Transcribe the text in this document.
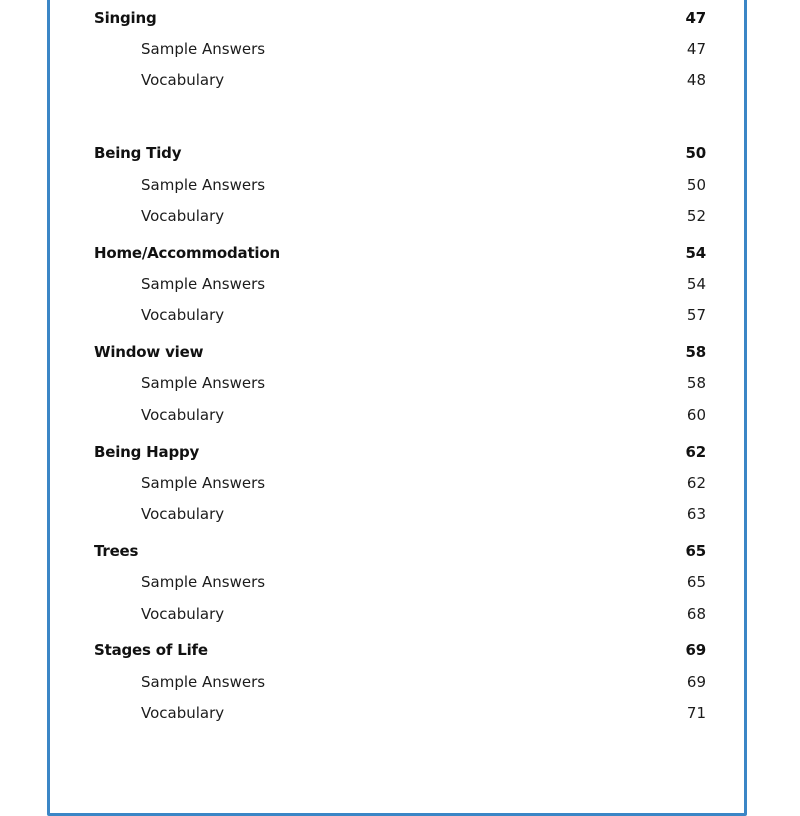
Singing	47
Sample Answers	47
Vocabulary	48
Being Tidy	50
Sample Answers	50
Vocabulary	52
Home/Accommodation	54
Sample Answers	54
Vocabulary	57
Window view	58
Sample Answers	58
Vocabulary	60
Being Happy	62
Sample Answers	62
Vocabulary	63
Trees	65
Sample Answers	65
Vocabulary	68
Stages of Life	69
Sample Answers	69
Vocabulary	71
